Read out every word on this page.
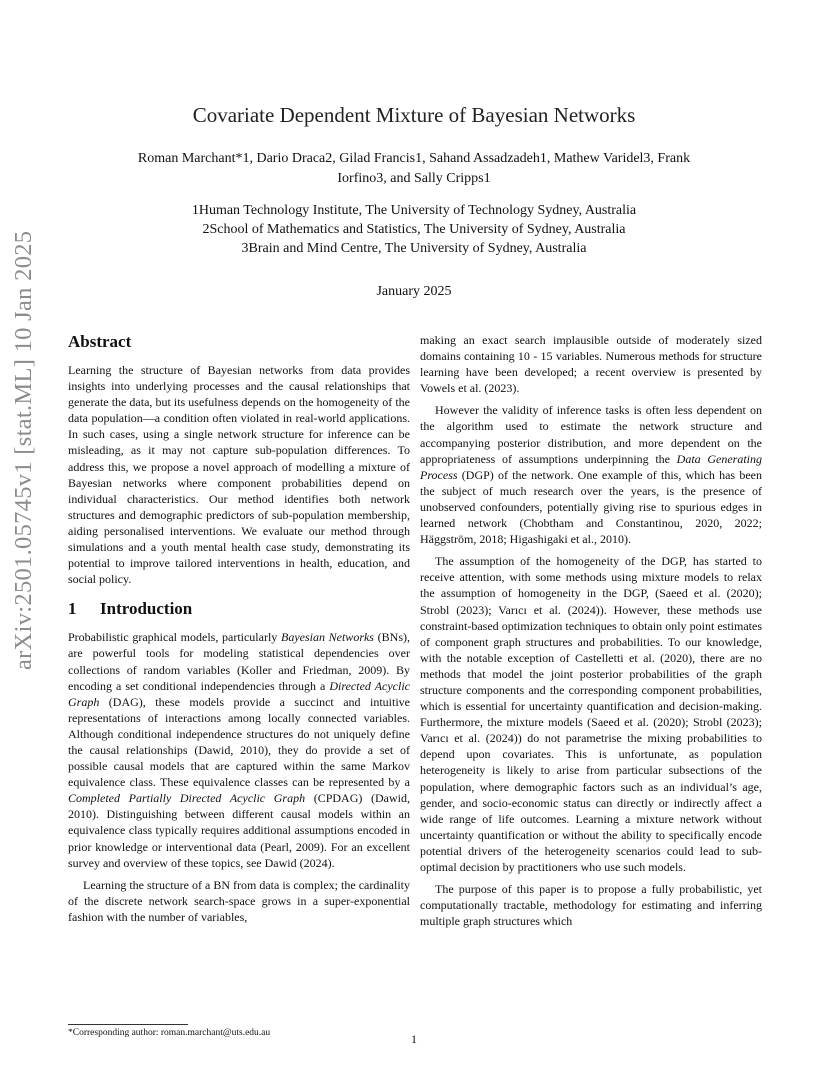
arXiv:2501.05745v1 [stat.ML] 10 Jan 2025
Covariate Dependent Mixture of Bayesian Networks
Roman Marchant*1, Dario Draca2, Gilad Francis1, Sahand Assadzadeh1, Mathew Varidel3, Frank
Iorfino3, and Sally Cripps1
1Human Technology Institute, The University of Technology Sydney, Australia
2School of Mathematics and Statistics, The University of Sydney, Australia
3Brain and Mind Centre, The University of Sydney, Australia
January 2025
Abstract

Learning the structure of Bayesian networks from data provides insights into underlying processes and the causal relationships that generate the data, but its usefulness depends on the homogeneity of the data population—a condition often violated in real-world applications. In such cases, using a single network structure for inference can be misleading, as it may not capture sub-population differences. To address this, we propose a novel approach of modelling a mixture of Bayesian networks where component probabilities depend on individual characteristics. Our method identifies both network structures and demographic predictors of sub-population membership, aiding personalised interventions. We evaluate our method through simulations and a youth mental health case study, demonstrating its potential to improve tailored interventions in health, education, and social policy.

1 Introduction

Probabilistic graphical models, particularly Bayesian Networks (BNs), are powerful tools for modeling statistical dependencies over collections of random variables (Koller and Friedman, 2009). By encoding a set conditional independencies through a Directed Acyclic Graph (DAG), these models provide a succinct and intuitive representations of interactions among locally connected variables. Although conditional independence structures do not uniquely define the causal relationships (Dawid, 2010), they do provide a set of possible causal models that are captured within the same Markov equivalence class. These equivalence classes can be represented by a Completed Partially Directed Acyclic Graph (CPDAG) (Dawid, 2010). Distinguishing between different causal models within an equivalence class typically requires additional assumptions encoded in prior knowledge or interventional data (Pearl, 2009). For an excellent survey and overview of these topics, see Dawid (2024).

Learning the structure of a BN from data is complex; the cardinality of the discrete network search-space grows in a super-exponential fashion with the number of variables,

making an exact search implausible outside of moderately sized domains containing 10 - 15 variables. Numerous methods for structure learning have been developed; a recent overview is presented by Vowels et al. (2023).

However the validity of inference tasks is often less dependent on the algorithm used to estimate the network structure and accompanying posterior distribution, and more dependent on the appropriateness of assumptions underpinning the Data Generating Process (DGP) of the network. One example of this, which has been the subject of much research over the years, is the presence of unobserved confounders, potentially giving rise to spurious edges in learned network (Chobtham and Constantinou, 2020, 2022; Häggström, 2018; Higashigaki et al., 2010).

The assumption of the homogeneity of the DGP, has started to receive attention, with some methods using mixture models to relax the assumption of homogeneity in the DGP, (Saeed et al. (2020); Strobl (2023); Varıcı et al. (2024)). However, these methods use constraint-based optimization techniques to obtain only point estimates of component graph structures and probabilities. To our knowledge, with the notable exception of Castelletti et al. (2020), there are no methods that model the joint posterior probabilities of the graph structure components and the corresponding component probabilities, which is essential for uncertainty quantification and decision-making. Furthermore, the mixture models (Saeed et al. (2020); Strobl (2023); Varıcı et al. (2024)) do not parametrise the mixing probabilities to depend upon covariates. This is unfortunate, as population heterogeneity is likely to arise from particular subsections of the population, where demographic factors such as an individual’s age, gender, and socio-economic status can directly or indirectly affect a wide range of life outcomes. Learning a mixture network without uncertainty quantification or without the ability to specifically encode potential drivers of the heterogeneity scenarios could lead to sub-optimal decision by practitioners who use such models.

The purpose of this paper is to propose a fully probabilistic, yet computationally tractable, methodology for estimating and inferring multiple graph structures which

*Corresponding author: roman.marchant@uts.edu.au	1
